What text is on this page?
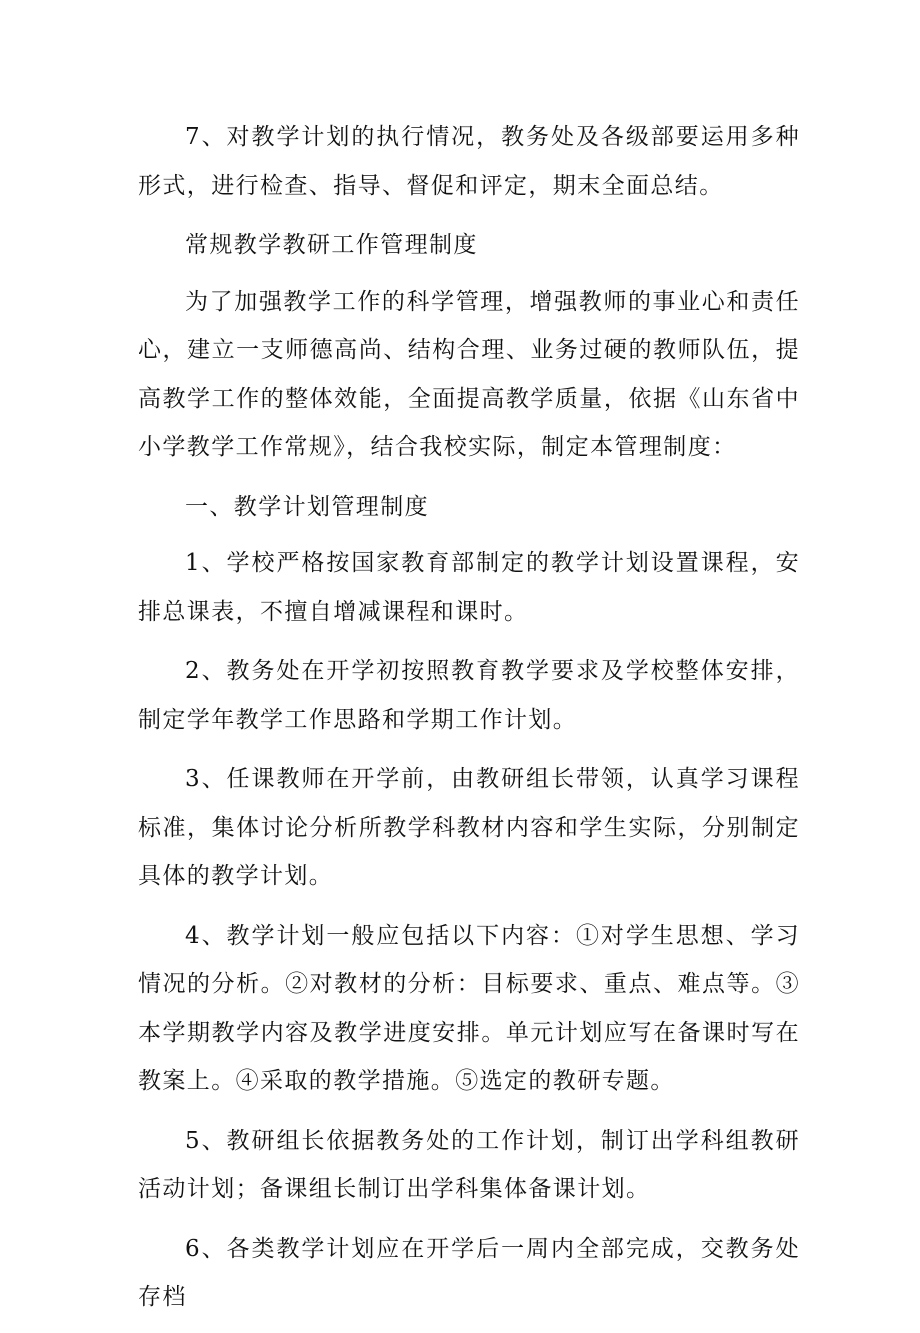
7、对教学计划的执行情况，教务处及各级部要运用多种形式，进行检查、指导、督促和评定，期末全面总结。

常规教学教研工作管理制度

为了加强教学工作的科学管理，增强教师的事业心和责任心，建立一支师德高尚、结构合理、业务过硬的教师队伍，提高教学工作的整体效能，全面提高教学质量，依据《山东省中小学教学工作常规》，结合我校实际，制定本管理制度：

一、教学计划管理制度

1、学校严格按国家教育部制定的教学计划设置课程，安排总课表，不擅自增减课程和课时。

2、教务处在开学初按照教育教学要求及学校整体安排，制定学年教学工作思路和学期工作计划。

3、任课教师在开学前，由教研组长带领，认真学习课程标准，集体讨论分析所教学科教材内容和学生实际，分别制定具体的教学计划。

4、教学计划一般应包括以下内容：①对学生思想、学习情况的分析。②对教材的分析：目标要求、重点、难点等。③本学期教学内容及教学进度安排。单元计划应写在备课时写在教案上。④采取的教学措施。⑤选定的教研专题。

5、教研组长依据教务处的工作计划，制订出学科组教研活动计划；备课组长制订出学科集体备课计划。

6、各类教学计划应在开学后一周内全部完成，交教务处存档
